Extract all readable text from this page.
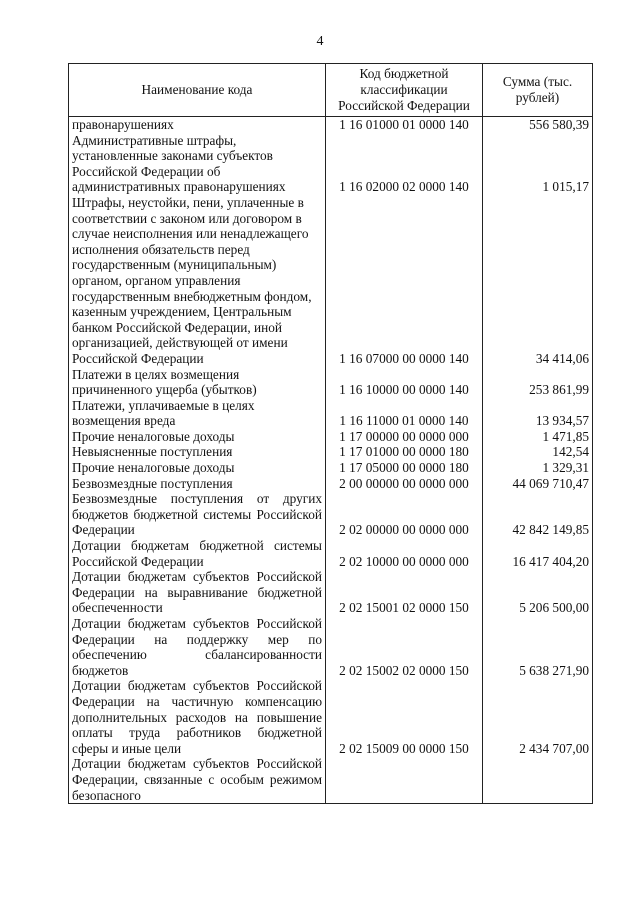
4
Наименование кода	Код бюджетной классификации Российской Федерации	Сумма (тыс. рублей)
правонарушениях	1 16 01000 01 0000 140	556 580,39
Административные штрафы, установленные законами субъектов Российской Федерации об административных правонарушениях	1 16 02000 02 0000 140	1 015,17
Штрафы, неустойки, пени, уплаченные в соответствии с законом или договором в случае неисполнения или ненадлежащего исполнения обязательств перед государственным (муниципальным) органом, органом управления государственным внебюджетным фондом, казенным учреждением, Центральным банком Российской Федерации, иной организацией, действующей от имени Российской Федерации	1 16 07000 00 0000 140	34 414,06
Платежи в целях возмещения причиненного ущерба (убытков)	1 16 10000 00 0000 140	253 861,99
Платежи, уплачиваемые в целях возмещения вреда	1 16 11000 01 0000 140	13 934,57
Прочие неналоговые доходы	1 17 00000 00 0000 000	1 471,85
Невыясненные поступления	1 17 01000 00 0000 180	142,54
Прочие неналоговые доходы	1 17 05000 00 0000 180	1 329,31
Безвозмездные поступления	2 00 00000 00 0000 000	44 069 710,47
Безвозмездные поступления от других бюджетов бюджетной системы Российской Федерации	2 02 00000 00 0000 000	42 842 149,85
Дотации бюджетам бюджетной системы Российской Федерации	2 02 10000 00 0000 000	16 417 404,20
Дотации бюджетам субъектов Российской Федерации на выравнивание бюджетной обеспеченности	2 02 15001 02 0000 150	5 206 500,00
Дотации бюджетам субъектов Российской Федерации на поддержку мер по обеспечению сбалансированности бюджетов	2 02 15002 02 0000 150	5 638 271,90
Дотации бюджетам субъектов Российской Федерации на частичную компенсацию дополнительных расходов на повышение оплаты труда работников бюджетной сферы и иные цели	2 02 15009 00 0000 150	2 434 707,00
Дотации бюджетам субъектов Российской Федерации, связанные с особым режимом безопасного		
